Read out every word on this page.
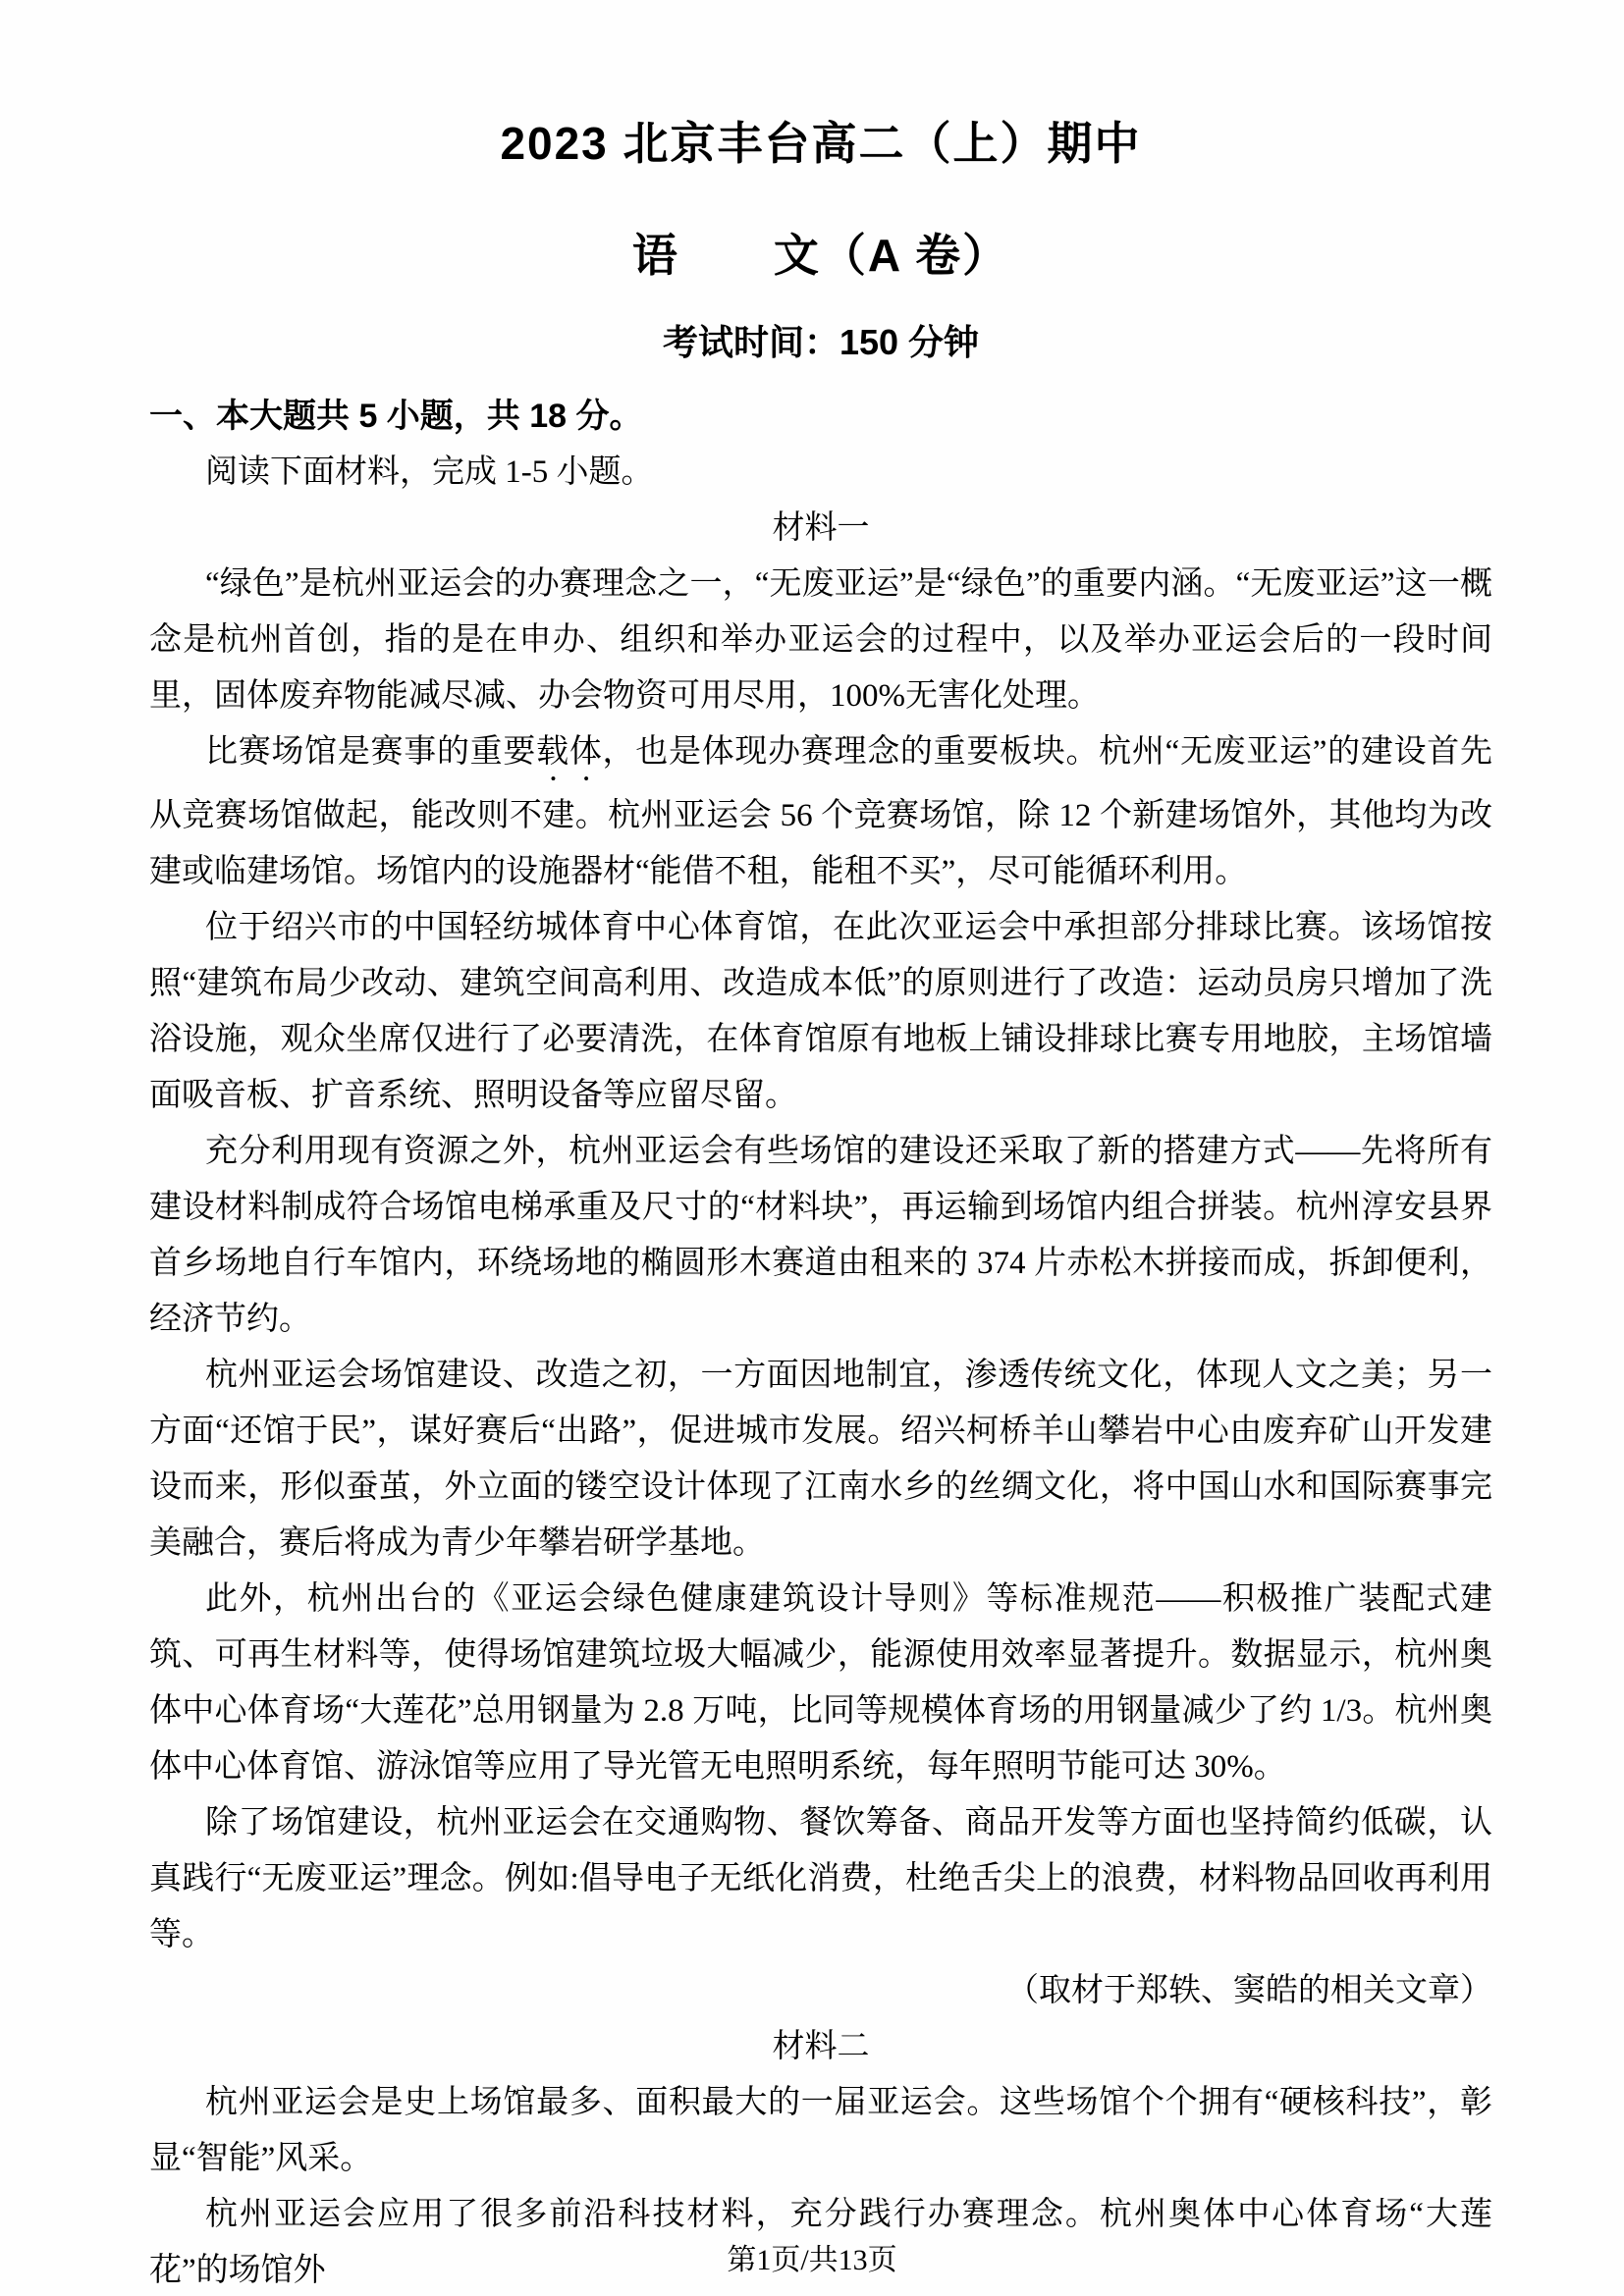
2023 北京丰台高二（上）期中
语　　文（A 卷）
考试时间：150 分钟

一、本大题共 5 小题，共 18 分。

阅读下面材料，完成 1-5 小题。

材料一

“绿色”是杭州亚运会的办赛理念之一，“无废亚运”是“绿色”的重要内涵。“无废亚运”这一概念是杭州首创，指的是在申办、组织和举办亚运会的过程中，以及举办亚运会后的一段时间里，固体废弃物能减尽减、办会物资可用尽用，100%无害化处理。

比赛场馆是赛事的重要载体，也是体现办赛理念的重要板块。杭州“无废亚运”的建设首先从竞赛场馆做起，能改则不建。杭州亚运会 56 个竞赛场馆，除 12 个新建场馆外，其他均为改建或临建场馆。场馆内的设施器材“能借不租，能租不买”，尽可能循环利用。

位于绍兴市的中国轻纺城体育中心体育馆，在此次亚运会中承担部分排球比赛。该场馆按照“建筑布局少改动、建筑空间高利用、改造成本低”的原则进行了改造：运动员房只增加了洗浴设施，观众坐席仅进行了必要清洗，在体育馆原有地板上铺设排球比赛专用地胶，主场馆墙面吸音板、扩音系统、照明设备等应留尽留。

充分利用现有资源之外，杭州亚运会有些场馆的建设还采取了新的搭建方式——先将所有建设材料制成符合场馆电梯承重及尺寸的“材料块”，再运输到场馆内组合拼装。杭州淳安县界首乡场地自行车馆内，环绕场地的椭圆形木赛道由租来的 374 片赤松木拼接而成，拆卸便利，经济节约。

杭州亚运会场馆建设、改造之初，一方面因地制宜，渗透传统文化，体现人文之美；另一方面“还馆于民”，谋好赛后“出路”，促进城市发展。绍兴柯桥羊山攀岩中心由废弃矿山开发建设而来，形似蚕茧，外立面的镂空设计体现了江南水乡的丝绸文化，将中国山水和国际赛事完美融合，赛后将成为青少年攀岩研学基地。

此外，杭州出台的《亚运会绿色健康建筑设计导则》等标准规范——积极推广装配式建筑、可再生材料等，使得场馆建筑垃圾大幅减少，能源使用效率显著提升。数据显示，杭州奥体中心体育场“大莲花”总用钢量为 2.8 万吨，比同等规模体育场的用钢量减少了约 1/3。杭州奥体中心体育馆、游泳馆等应用了导光管无电照明系统，每年照明节能可达 30%。

除了场馆建设，杭州亚运会在交通购物、餐饮筹备、商品开发等方面也坚持简约低碳，认真践行“无废亚运”理念。例如:倡导电子无纸化消费，杜绝舌尖上的浪费，材料物品回收再利用等。

（取材于郑轶、窦皓的相关文章）

材料二

杭州亚运会是史上场馆最多、面积最大的一届亚运会。这些场馆个个拥有“硬核科技”，彰显“智能”风采。

杭州亚运会应用了很多前沿科技材料，充分践行办赛理念。杭州奥体中心体育场“大莲花”的场馆外	第1页/共13页
